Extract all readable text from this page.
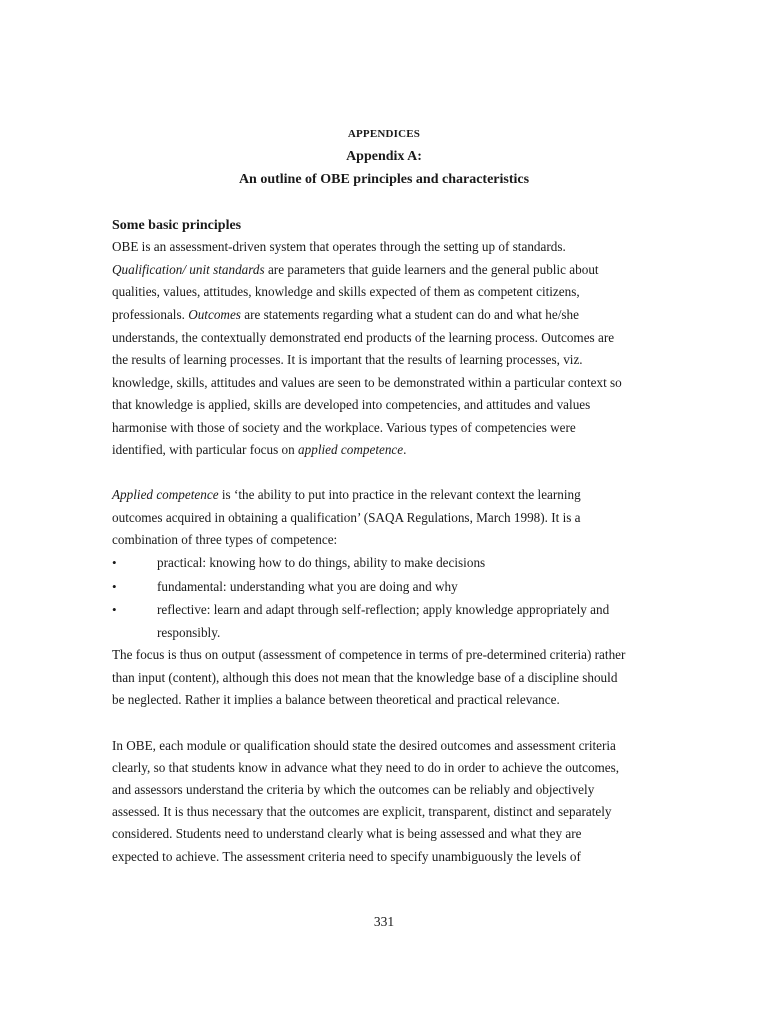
APPENDICES
Appendix A:
An outline of OBE principles and characteristics
Some basic principles
OBE is an assessment-driven system that operates through the setting up of standards.
Qualification/ unit standards are parameters that guide learners and the general public about
qualities, values, attitudes, knowledge and skills expected of them as competent citizens,
professionals. Outcomes are statements regarding what a student can do and what he/she
understands, the contextually demonstrated end products of the learning process. Outcomes are
the results of learning processes. It is important that the results of learning processes, viz.
knowledge, skills, attitudes and values are seen to be demonstrated within a particular context so
that knowledge is applied, skills are developed into competencies, and attitudes and values
harmonise with those of society and the workplace. Various types of competencies were
identified, with particular focus on applied competence.
Applied competence is ‘the ability to put into practice in the relevant context the learning
outcomes acquired in obtaining a qualification’ (SAQA Regulations, March 1998). It is a
combination of three types of competence:
•	practical: knowing how to do things, ability to make decisions
•	fundamental: understanding what you are doing and why
•	reflective: learn and adapt through self-reflection; apply knowledge appropriately and
responsibly.
The focus is thus on output (assessment of competence in terms of pre-determined criteria) rather
than input (content), although this does not mean that the knowledge base of a discipline should
be neglected. Rather it implies a balance between theoretical and practical relevance.
In OBE, each module or qualification should state the desired outcomes and assessment criteria
clearly, so that students know in advance what they need to do in order to achieve the outcomes,
and assessors understand the criteria by which the outcomes can be reliably and objectively
assessed. It is thus necessary that the outcomes are explicit, transparent, distinct and separately
considered. Students need to understand clearly what is being assessed and what they are
expected to achieve. The assessment criteria need to specify unambiguously the levels of
331
